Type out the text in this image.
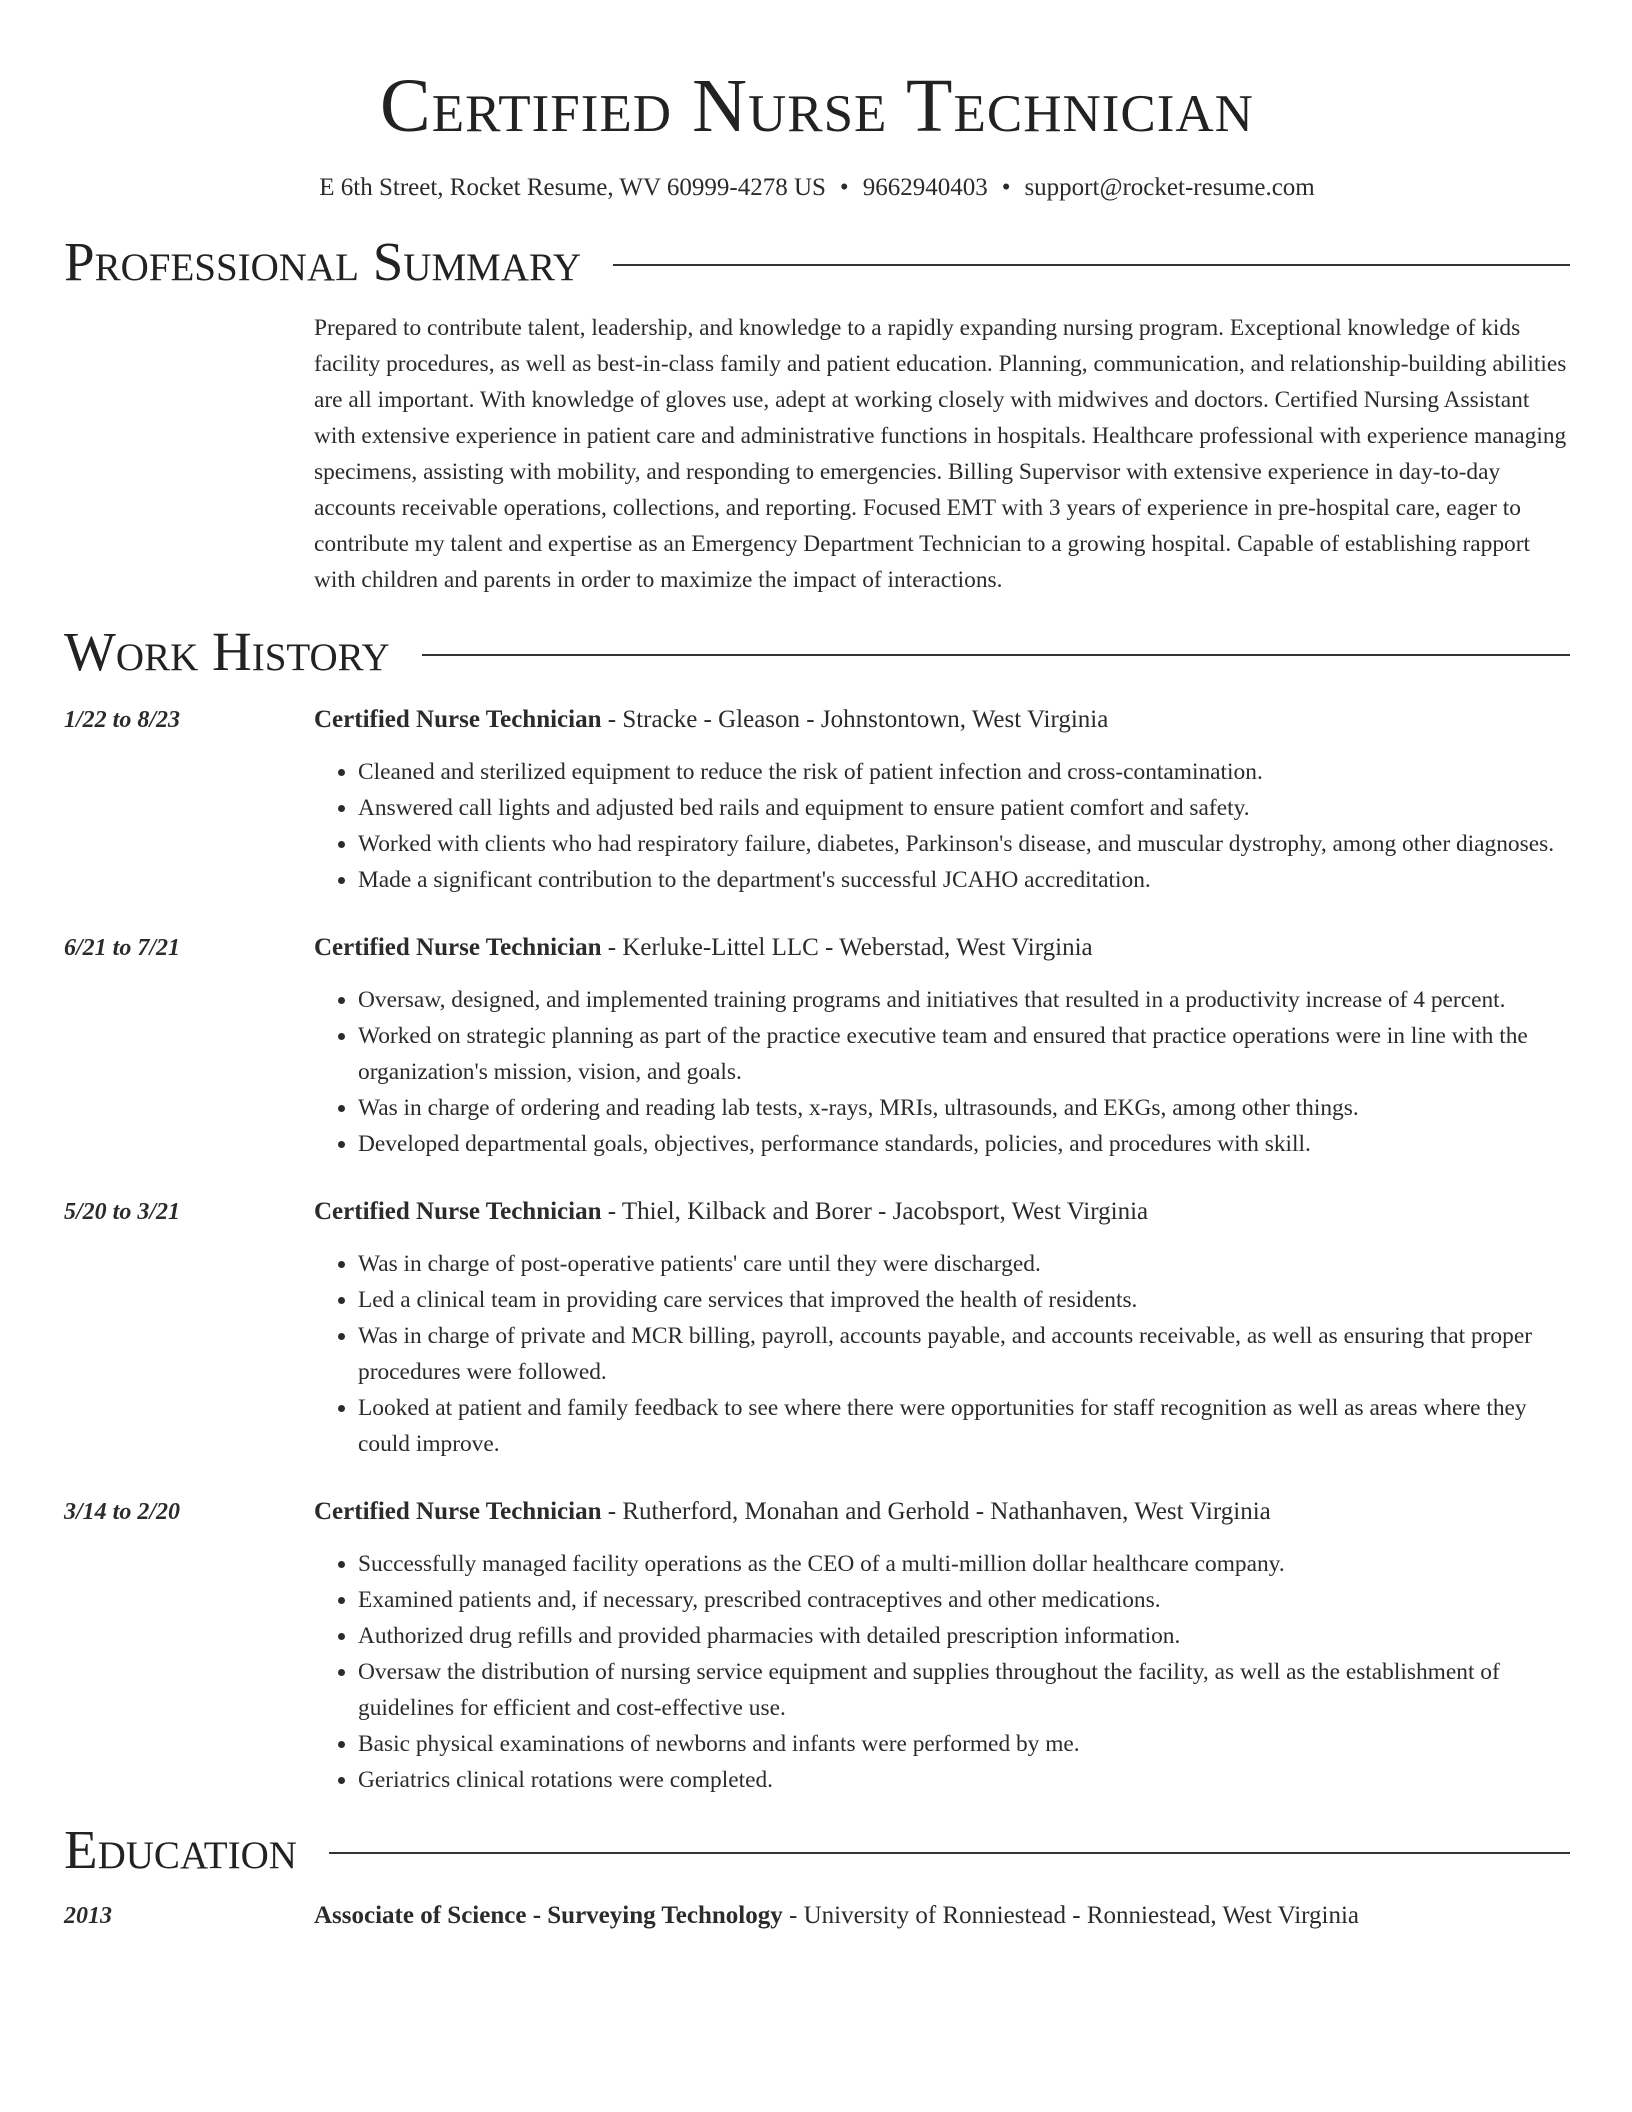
Certified Nurse Technician
E 6th Street, Rocket Resume, WV 60999-4278 US • 9662940403 • support@rocket-resume.com
Professional Summary
Prepared to contribute talent, leadership, and knowledge to a rapidly expanding nursing program. Exceptional knowledge of kids facility procedures, as well as best-in-class family and patient education. Planning, communication, and relationship-building abilities are all important. With knowledge of gloves use, adept at working closely with midwives and doctors. Certified Nursing Assistant with extensive experience in patient care and administrative functions in hospitals. Healthcare professional with experience managing specimens, assisting with mobility, and responding to emergencies. Billing Supervisor with extensive experience in day-to-day accounts receivable operations, collections, and reporting. Focused EMT with 3 years of experience in pre-hospital care, eager to contribute my talent and expertise as an Emergency Department Technician to a growing hospital. Capable of establishing rapport with children and parents in order to maximize the impact of interactions.
Work History
1/22 to 8/23	Certified Nurse Technician - Stracke - Gleason - Johnstontown, West Virginia
• Cleaned and sterilized equipment to reduce the risk of patient infection and cross-contamination.
• Answered call lights and adjusted bed rails and equipment to ensure patient comfort and safety.
• Worked with clients who had respiratory failure, diabetes, Parkinson's disease, and muscular dystrophy, among other diagnoses.
• Made a significant contribution to the department's successful JCAHO accreditation.
6/21 to 7/21	Certified Nurse Technician - Kerluke-Littel LLC - Weberstad, West Virginia
• Oversaw, designed, and implemented training programs and initiatives that resulted in a productivity increase of 4 percent.
• Worked on strategic planning as part of the practice executive team and ensured that practice operations were in line with the organization's mission, vision, and goals.
• Was in charge of ordering and reading lab tests, x-rays, MRIs, ultrasounds, and EKGs, among other things.
• Developed departmental goals, objectives, performance standards, policies, and procedures with skill.
5/20 to 3/21	Certified Nurse Technician - Thiel, Kilback and Borer - Jacobsport, West Virginia
• Was in charge of post-operative patients' care until they were discharged.
• Led a clinical team in providing care services that improved the health of residents.
• Was in charge of private and MCR billing, payroll, accounts payable, and accounts receivable, as well as ensuring that proper procedures were followed.
• Looked at patient and family feedback to see where there were opportunities for staff recognition as well as areas where they could improve.
3/14 to 2/20	Certified Nurse Technician - Rutherford, Monahan and Gerhold - Nathanhaven, West Virginia
• Successfully managed facility operations as the CEO of a multi-million dollar healthcare company.
• Examined patients and, if necessary, prescribed contraceptives and other medications.
• Authorized drug refills and provided pharmacies with detailed prescription information.
• Oversaw the distribution of nursing service equipment and supplies throughout the facility, as well as the establishment of guidelines for efficient and cost-effective use.
• Basic physical examinations of newborns and infants were performed by me.
• Geriatrics clinical rotations were completed.
Education
2013	Associate of Science - Surveying Technology - University of Ronniestead - Ronniestead, West Virginia
